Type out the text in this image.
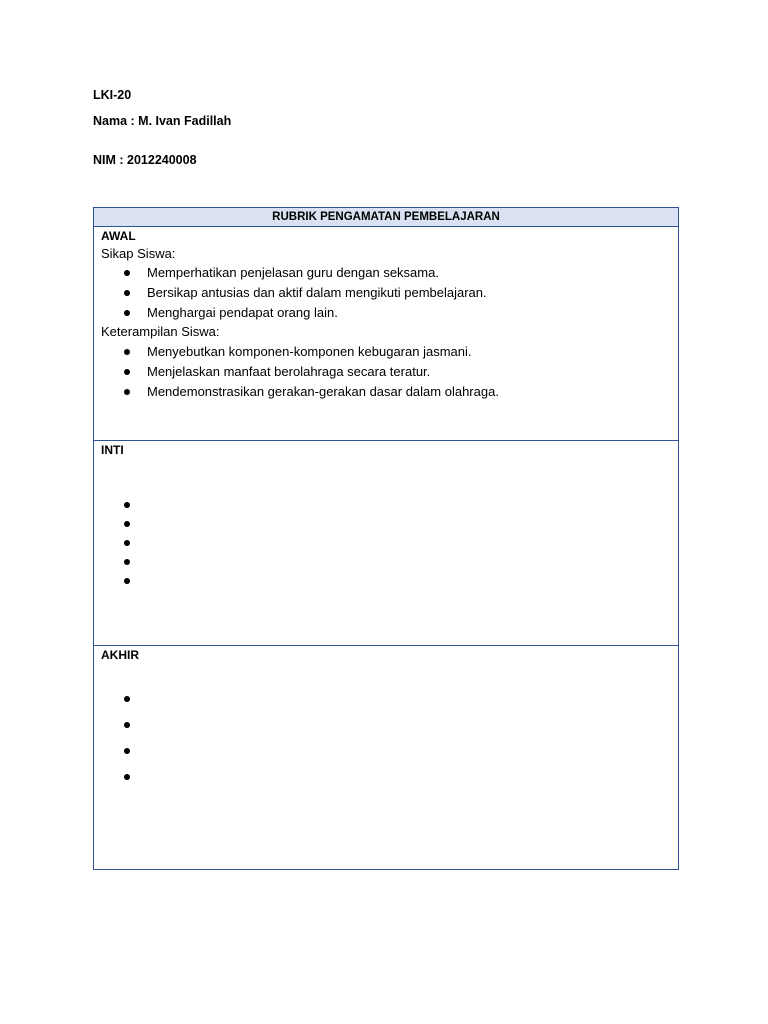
LKI-20
Nama : M. Ivan Fadillah
NIM : 2012240008
RUBRIK PENGAMATAN PEMBELAJARAN
AWAL
Sikap Siswa:
Memperhatikan penjelasan guru dengan seksama.
Bersikap antusias dan aktif dalam mengikuti pembelajaran.
Menghargai pendapat orang lain.
Keterampilan Siswa:
Menyebutkan komponen-komponen kebugaran jasmani.
Menjelaskan manfaat berolahraga secara teratur.
Mendemonstrasikan gerakan-gerakan dasar dalam olahraga.
INTI
AKHIR
